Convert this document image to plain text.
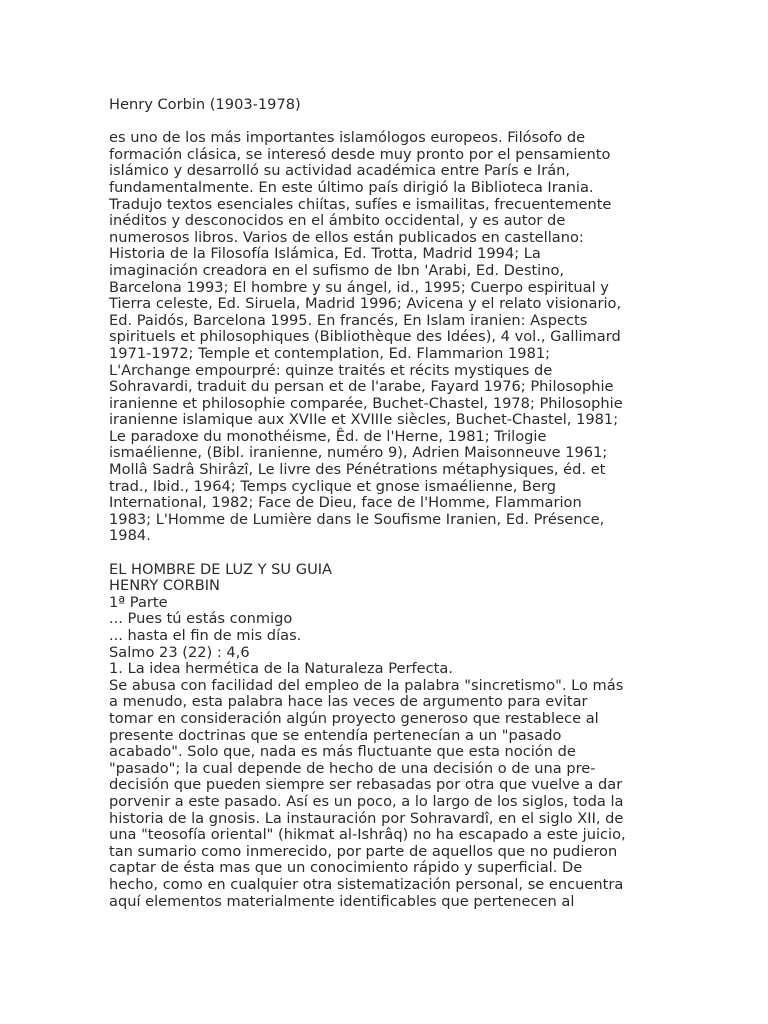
Henry Corbin (1903-1978)
es uno de los más importantes islamólogos europeos. Filósofo de
formación clásica, se interesó desde muy pronto por el pensamiento
islámico y desarrolló su actividad académica entre París e Irán,
fundamentalmente. En este último país dirigió la Biblioteca Irania.
Tradujo textos esenciales chiítas, sufíes e ismailitas, frecuentemente
inéditos y desconocidos en el ámbito occidental, y es autor de
numerosos libros. Varios de ellos están publicados en castellano:
Historia de la Filosofía Islámica, Ed. Trotta, Madrid 1994; La
imaginación creadora en el sufismo de Ibn 'Arabi, Ed. Destino,
Barcelona 1993; El hombre y su ángel, id., 1995; Cuerpo espiritual y
Tierra celeste, Ed. Siruela, Madrid 1996; Avicena y el relato visionario,
Ed. Paidós, Barcelona 1995. En francés, En Islam iranien: Aspects
spirituels et philosophiques (Bibliothèque des Idées), 4 vol., Gallimard
1971-1972; Temple et contemplation, Ed. Flammarion 1981;
L'Archange empourpré: quinze traités et récits mystiques de
Sohravardi, traduit du persan et de l'arabe, Fayard 1976; Philosophie
iranienne et philosophie comparée, Buchet-Chastel, 1978; Philosophie
iranienne islamique aux XVIIe et XVIIIe siècles, Buchet-Chastel, 1981;
Le paradoxe du monothéisme, Êd. de l'Herne, 1981; Trilogie
ismaélienne, (Bibl. iranienne, numéro 9), Adrien Maisonneuve 1961;
Mollâ Sadrâ Shirâzî, Le livre des Pénétrations métaphysiques, éd. et
trad., Ibid., 1964; Temps cyclique et gnose ismaélienne, Berg
International, 1982; Face de Dieu, face de l'Homme, Flammarion
1983; L'Homme de Lumière dans le Soufisme Iranien, Ed. Présence,
1984.
EL HOMBRE DE LUZ Y SU GUIA
HENRY CORBIN
1ª Parte
... Pues tú estás conmigo
... hasta el fin de mis días.
Salmo 23 (22) : 4,6
1. La idea hermética de la Naturaleza Perfecta.
Se abusa con facilidad del empleo de la palabra "sincretismo". Lo más
a menudo, esta palabra hace las veces de argumento para evitar
tomar en consideración algún proyecto generoso que restablece al
presente doctrinas que se entendía pertenecían a un "pasado
acabado". Solo que, nada es más fluctuante que esta noción de
"pasado"; la cual depende de hecho de una decisión o de una pre-
decisión que pueden siempre ser rebasadas por otra que vuelve a dar
porvenir a este pasado. Así es un poco, a lo largo de los siglos, toda la
historia de la gnosis. La instauración por Sohravardî, en el siglo XII, de
una "teosofía oriental" (hikmat al-Ishrâq) no ha escapado a este juicio,
tan sumario como inmerecido, por parte de aquellos que no pudieron
captar de ésta mas que un conocimiento rápido y superficial. De
hecho, como en cualquier otra sistematización personal, se encuentra
aquí elementos materialmente identificables que pertenecen al
